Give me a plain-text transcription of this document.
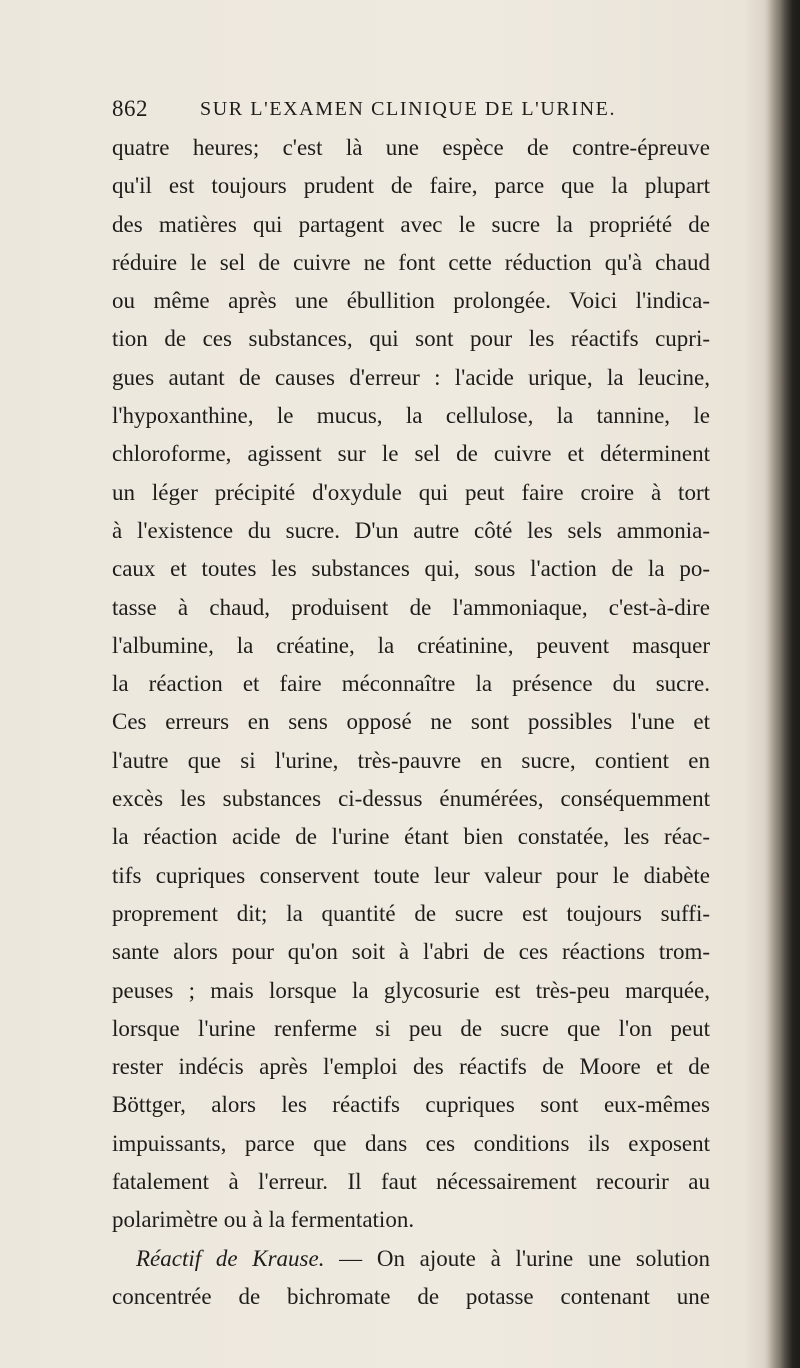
862	SUR L'EXAMEN CLINIQUE DE L'URINE.
quatre heures; c'est là une espèce de contre-épreuve
qu'il est toujours prudent de faire, parce que la plupart
des matières qui partagent avec le sucre la propriété de
réduire le sel de cuivre ne font cette réduction qu'à chaud
ou même après une ébullition prolongée. Voici l'indica-
tion de ces substances, qui sont pour les réactifs cupri-
gues autant de causes d'erreur : l'acide urique, la leucine,
l'hypoxanthine, le mucus, la cellulose, la tannine, le
chloroforme, agissent sur le sel de cuivre et déterminent
un léger précipité d'oxydule qui peut faire croire à tort
à l'existence du sucre. D'un autre côté les sels ammonia-
caux et toutes les substances qui, sous l'action de la po-
tasse à chaud, produisent de l'ammoniaque, c'est-à-dire
l'albumine, la créatine, la créatinine, peuvent masquer
la réaction et faire méconnaître la présence du sucre.
Ces erreurs en sens opposé ne sont possibles l'une et
l'autre que si l'urine, très-pauvre en sucre, contient en
excès les substances ci-dessus énumérées, conséquemment
la réaction acide de l'urine étant bien constatée, les réac-
tifs cupriques conservent toute leur valeur pour le diabète
proprement dit; la quantité de sucre est toujours suffi-
sante alors pour qu'on soit à l'abri de ces réactions trom-
peuses ; mais lorsque la glycosurie est très-peu marquée,
lorsque l'urine renferme si peu de sucre que l'on peut
rester indécis après l'emploi des réactifs de Moore et de
Böttger, alors les réactifs cupriques sont eux-mêmes
impuissants, parce que dans ces conditions ils exposent
fatalement à l'erreur. Il faut nécessairement recourir au
polarimètre ou à la fermentation.
Réactif de Krause. — On ajoute à l'urine une solution
concentrée de bichromate de potasse contenant une
